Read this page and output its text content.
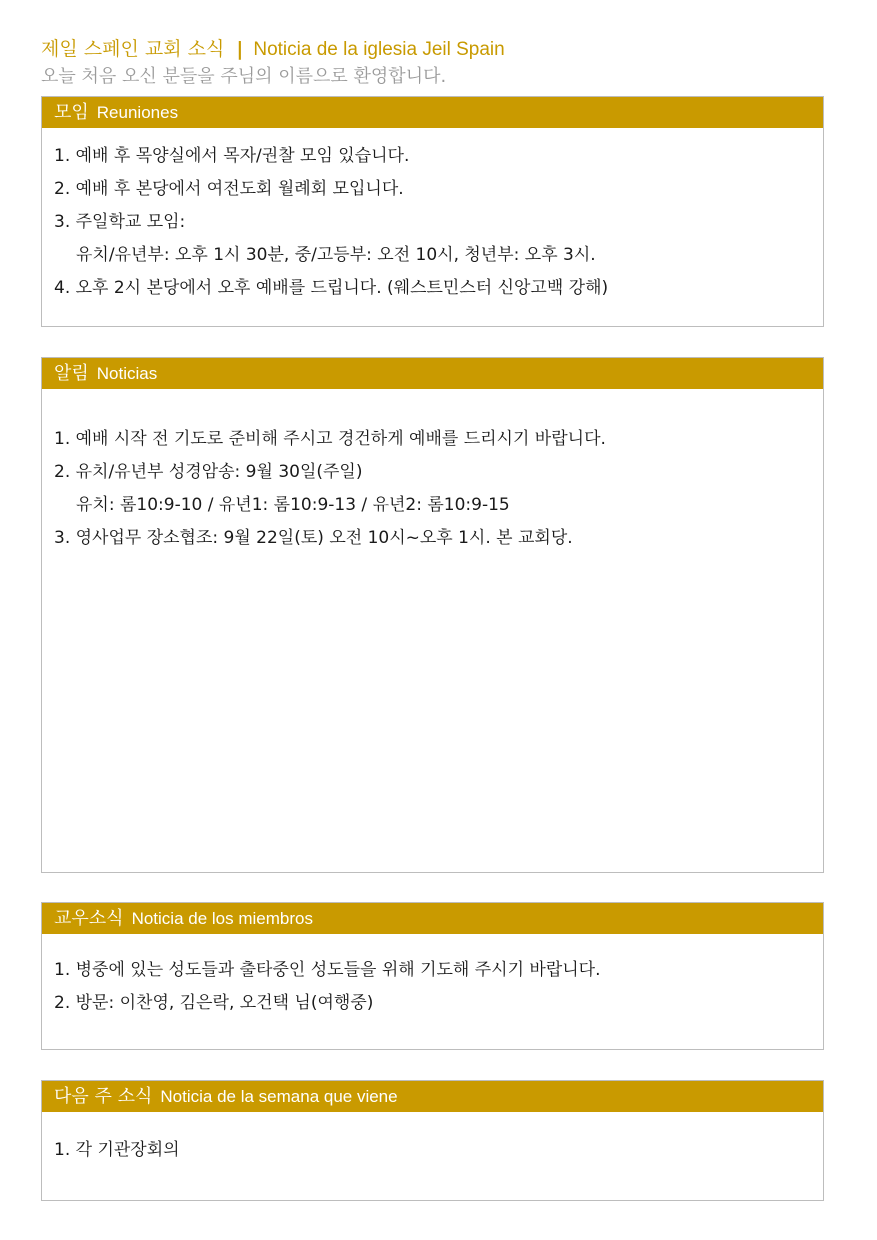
제일 스페인 교회 소식 | Noticia de la iglesia Jeil Spain
오늘 처음 오신 분들을 주님의 이름으로 환영합니다.
모임 Reuniones
1. 예배 후 목양실에서 목자/권찰 모임 있습니다.
2. 예배 후 본당에서 여전도회 월례회 모입니다.
3. 주일학교 모임:
유치/유년부: 오후 1시 30분, 중/고등부: 오전 10시, 청년부: 오후 3시.
4. 오후 2시 본당에서 오후 예배를 드립니다. (웨스트민스터 신앙고백 강해)
알림 Noticias
1. 예배 시작 전 기도로 준비해 주시고 경건하게 예배를 드리시기 바랍니다.
2. 유치/유년부 성경암송: 9월 30일(주일)
유치: 롬10:9-10 / 유년1: 롬10:9-13 / 유년2: 롬10:9-15
3. 영사업무 장소협조: 9월 22일(토) 오전 10시~오후 1시. 본 교회당.
교우소식 Noticia de los miembros
1. 병중에 있는 성도들과 출타중인 성도들을 위해 기도해 주시기 바랍니다.
2. 방문: 이찬영, 김은락, 오건택 님(여행중)
다음 주 소식 Noticia de la semana que viene
1. 각 기관장회의
